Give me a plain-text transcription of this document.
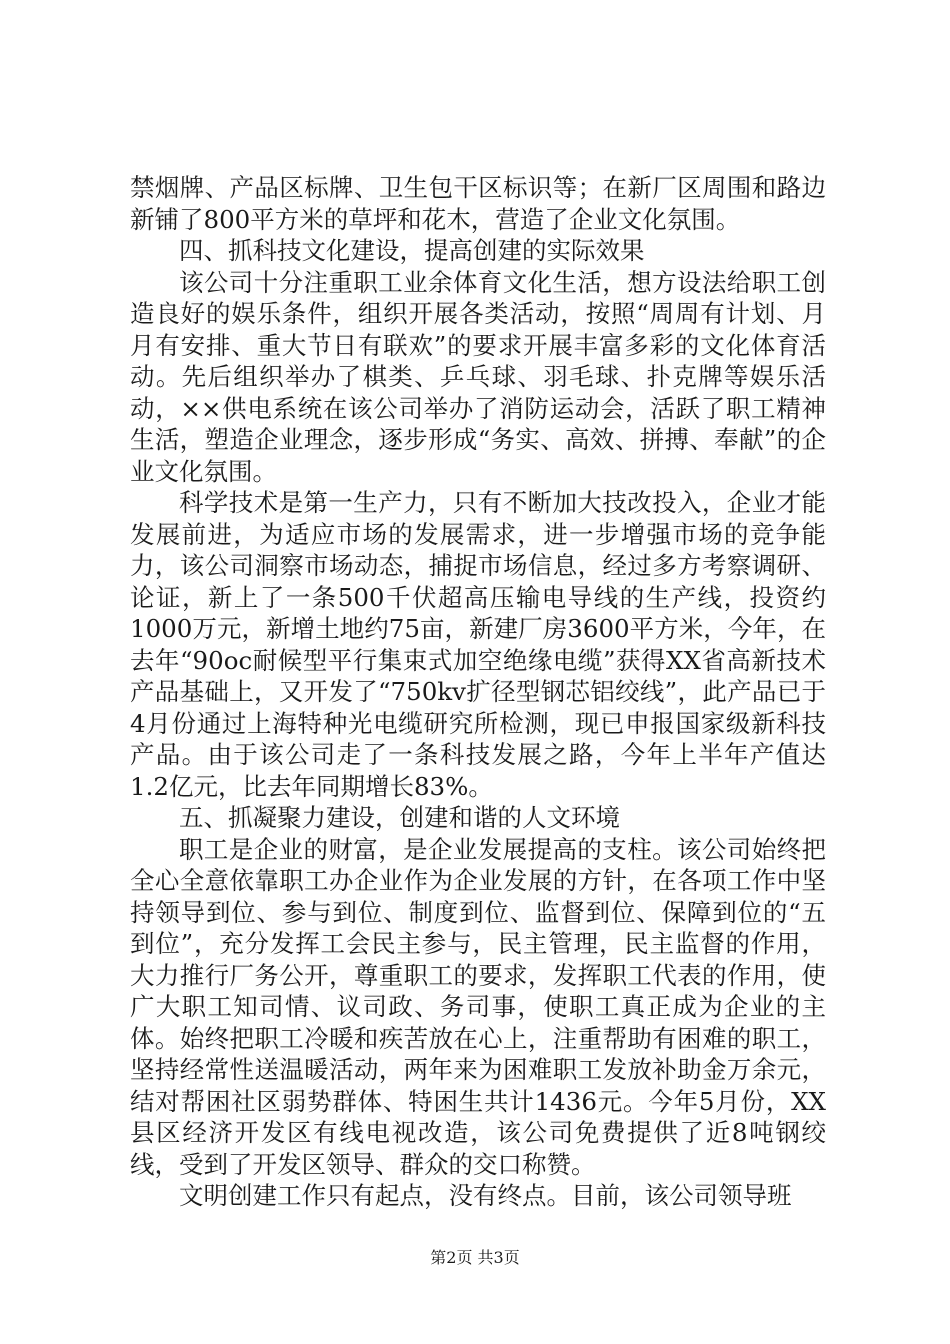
禁烟牌、产品区标牌、卫生包干区标识等；在新厂区周围和路边新铺了800平方米的草坪和花木，营造了企业文化氛围。

四、抓科技文化建设，提高创建的实际效果

该公司十分注重职工业余体育文化生活，想方设法给职工创造良好的娱乐条件，组织开展各类活动，按照“周周有计划、月月有安排、重大节日有联欢”的要求开展丰富多彩的文化体育活动。先后组织举办了棋类、乒乓球、羽毛球、扑克牌等娱乐活动，××供电系统在该公司举办了消防运动会，活跃了职工精神生活，塑造企业理念，逐步形成“务实、高效、拼搏、奉献”的企业文化氛围。

科学技术是第一生产力，只有不断加大技改投入，企业才能发展前进，为适应市场的发展需求，进一步增强市场的竞争能力，该公司洞察市场动态，捕捉市场信息，经过多方考察调研、论证，新上了一条500千伏超高压输电导线的生产线，投资约1000万元，新增土地约75亩，新建厂房3600平方米，今年，在去年“90oc耐候型平行集束式加空绝缘电缆”获得XX省高新技术产品基础上，又开发了“750kv扩径型钢芯铝绞线”，此产品已于4月份通过上海特种光电缆研究所检测，现已申报国家级新科技产品。由于该公司走了一条科技发展之路，今年上半年产值达1.2亿元，比去年同期增长83%。

五、抓凝聚力建设，创建和谐的人文环境

职工是企业的财富，是企业发展提高的支柱。该公司始终把全心全意依靠职工办企业作为企业发展的方针，在各项工作中坚持领导到位、参与到位、制度到位、监督到位、保障到位的“五到位”，充分发挥工会民主参与，民主管理，民主监督的作用，大力推行厂务公开，尊重职工的要求，发挥职工代表的作用，使广大职工知司情、议司政、务司事，使职工真正成为企业的主体。始终把职工冷暖和疾苦放在心上，注重帮助有困难的职工，坚持经常性送温暖活动，两年来为困难职工发放补助金万余元，结对帮困社区弱势群体、特困生共计1436元。今年5月份，XX县区经济开发区有线电视改造，该公司免费提供了近8吨钢绞线，受到了开发区领导、群众的交口称赞。

文明创建工作只有起点，没有终点。目前，该公司领导班

第2页 共3页
